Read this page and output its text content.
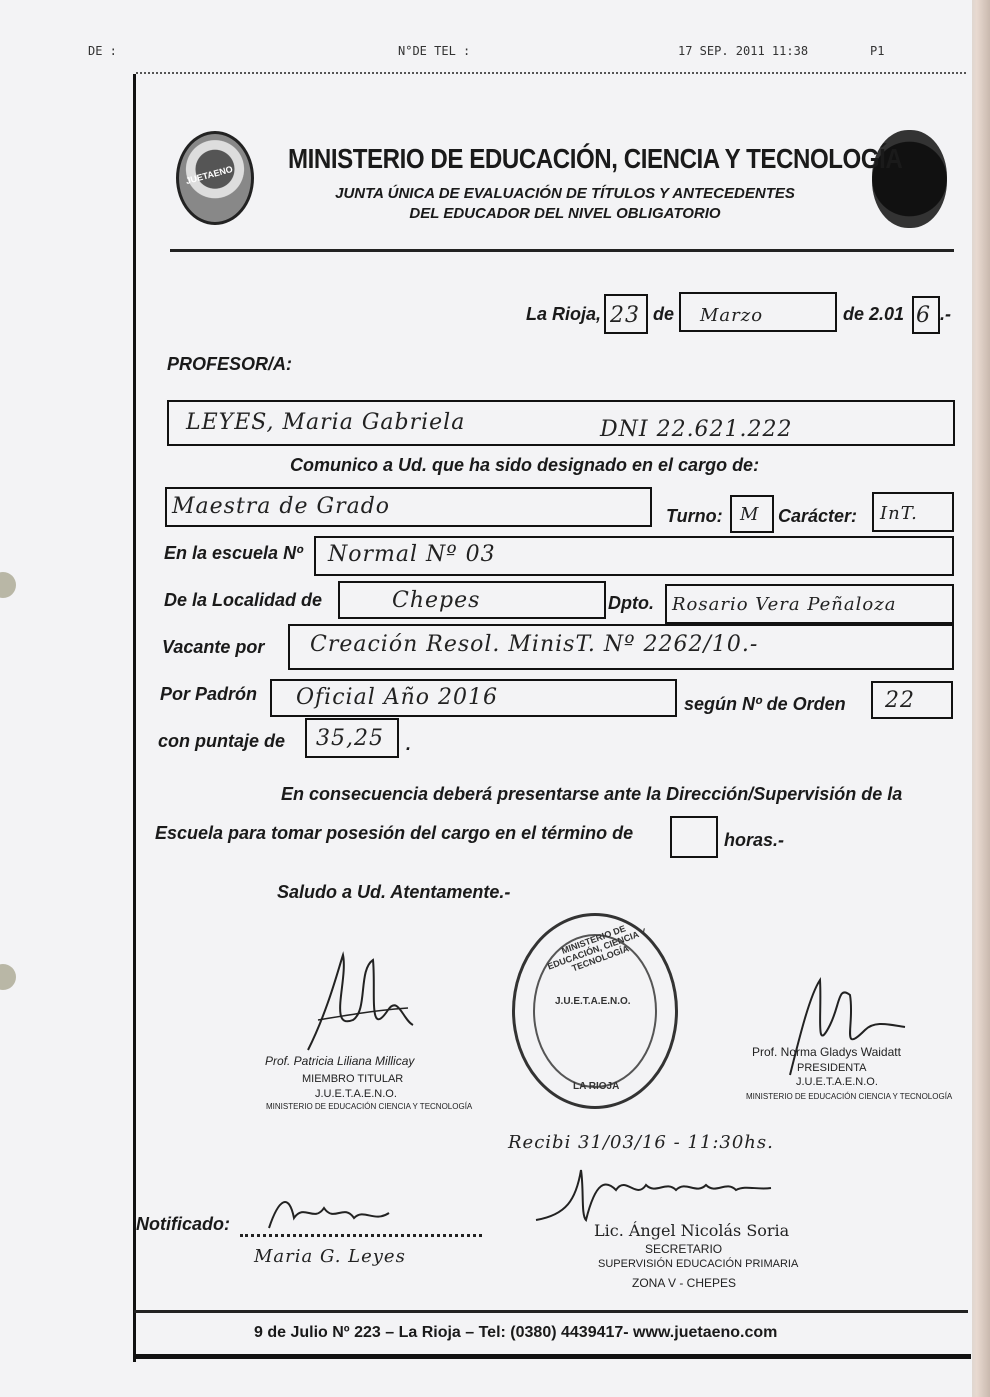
DE :	N°DE TEL :	17 SEP. 2011 11:38	P1
JUETAENO
MINISTERIO DE EDUCACIÓN, CIENCIA Y TECNOLOGÍA
JUNTA ÚNICA DE EVALUACIÓN DE TÍTULOS Y ANTECEDENTES
DEL EDUCADOR DEL NIVEL OBLIGATORIO
La Rioja, 23 de Marzo	de 2.01 6 .-
PROFESOR/A:
LEYES, Maria Gabriela	DNI 22.621.222
Comunico a Ud. que ha sido designado en el cargo de:
Maestra de Grado	Turno: M Carácter: InT.
En la escuela Nº Normal Nº 03
De la Localidad de	Chepes	Dpto. Rosario Vera Peñaloza
Vacante por Creación Resol. MinisT. Nº 2262/10.-
Por Padrón Oficial Año 2016	según Nº de Orden 22
con puntaje de 35,25 .
En consecuencia deberá presentarse ante la Dirección/Supervisión de la
Escuela para tomar posesión del cargo en el término de	horas.-
Saludo a Ud. Atentamente.-
Prof. Patricia Liliana Millicay
MIEMBRO TITULAR
J.U.E.T.A.E.N.O.
MINISTERIO DE EDUCACIÓN CIENCIA Y TECNOLOGÍA
MINISTERIO DE EDUCACIÓN, CIENCIA Y TECNOLOGÍA
J.U.E.T.A.E.N.O.
LA RIOJA
Prof. Norma Gladys Waidatt
PRESIDENTA
J.U.E.T.A.E.N.O.
MINISTERIO DE EDUCACIÓN CIENCIA Y TECNOLOGÍA
Recibi 31/03/16 - 11:30hs.
Lic. Ángel Nicolás Soria
SECRETARIO
SUPERVISIÓN EDUCACIÓN PRIMARIA
ZONA V - CHEPES
Notificado:
Maria G. Leyes
9 de Julio Nº 223 – La Rioja – Tel: (0380) 4439417- www.juetaeno.com
